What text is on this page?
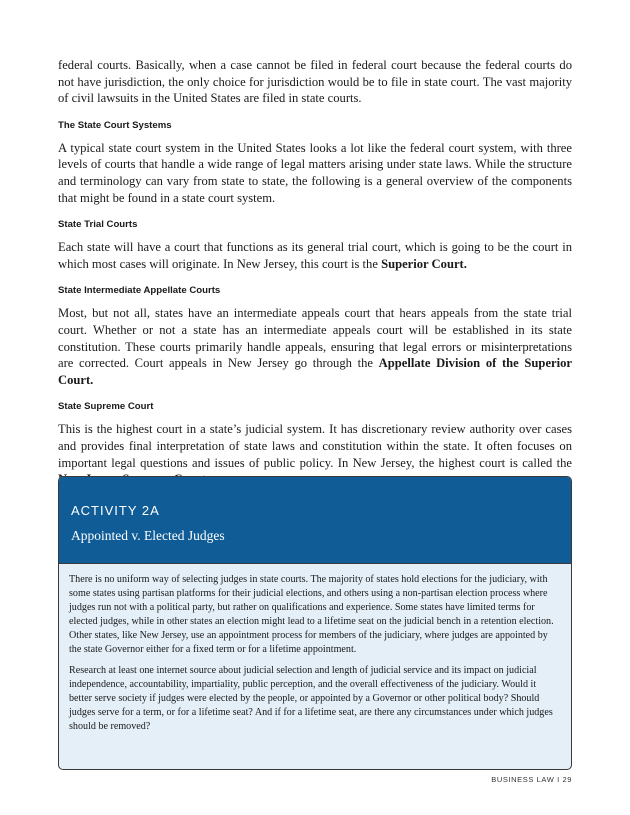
federal courts. Basically, when a case cannot be filed in federal court because the federal courts do not have jurisdiction, the only choice for jurisdiction would be to file in state court. The vast majority of civil lawsuits in the United States are filed in state courts.

The State Court Systems

A typical state court system in the United States looks a lot like the federal court system, with three levels of courts that handle a wide range of legal matters arising under state laws. While the structure and terminology can vary from state to state, the following is a general overview of the components that might be found in a state court system.

State Trial Courts

Each state will have a court that functions as its general trial court, which is going to be the court in which most cases will originate. In New Jersey, this court is the Superior Court.

State Intermediate Appellate Courts

Most, but not all, states have an intermediate appeals court that hears appeals from the state trial court. Whether or not a state has an intermediate appeals court will be established in its state constitution. These courts primarily handle appeals, ensuring that legal errors or misinterpretations are corrected. Court appeals in New Jersey go through the Appellate Division of the Superior Court.

State Supreme Court

This is the highest court in a state’s judicial system. It has discretionary review authority over cases and provides final interpretation of state laws and constitution within the state. It often focuses on important legal questions and issues of public policy. In New Jersey, the highest court is called the

ACTIVITY 2A
Appointed v. Elected Judges

There is no uniform way of selecting judges in state courts. The majority of states hold elections for the judiciary, with some states using partisan platforms for their judicial elections, and others using a non-partisan election process where judges run not with a political party, but rather on qualifications and experience. Some states have limited terms for elected judges, while in other states an election might lead to a lifetime seat on the judicial bench in a retention election. Other states, like New Jersey, use an appointment process for members of the judiciary, where judges are appointed by the state Governor either for a fixed term or for a lifetime appointment.

Research at least one internet source about judicial selection and length of judicial service and its impact on judicial independence, accountability, impartiality, public perception, and the overall effectiveness of the judiciary. Would it better serve society if judges were elected by the people, or appointed by a Governor or other political body? Should judges serve for a term, or for a lifetime seat? And if for a lifetime seat, are there any circumstances under which judges should be removed?

BUSINESS LAW I 29
